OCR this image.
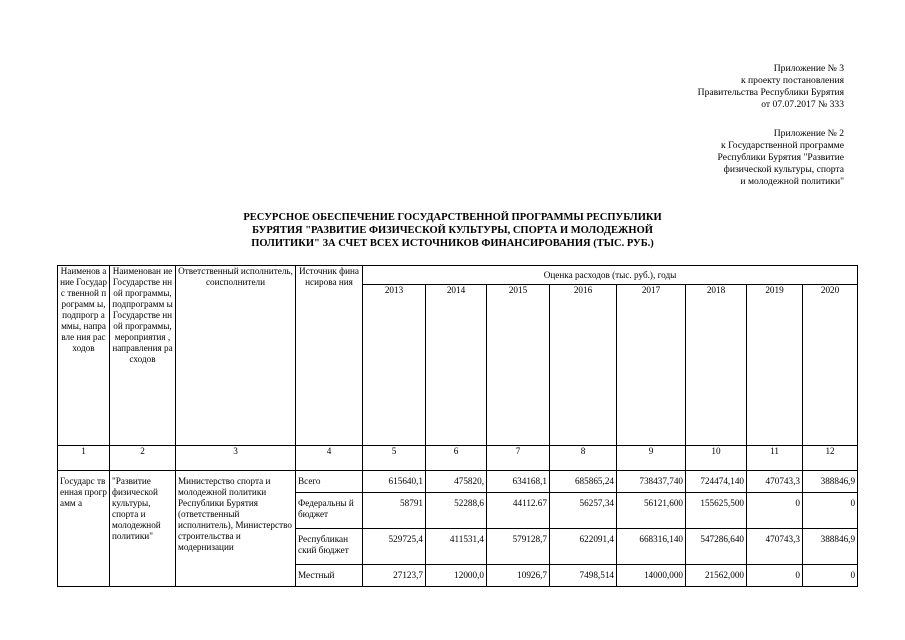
Приложение № 3
к проекту постановления
Правительства Республики Бурятия
от 07.07.2017 № 333
Приложение № 2
к Государственной программе
Республики Бурятия "Развитие
физической культуры, спорта
и молодежной политики"
РЕСУРСНОЕ ОБЕСПЕЧЕНИЕ ГОСУДАРСТВЕННОЙ ПРОГРАММЫ РЕСПУБЛИКИ
БУРЯТИЯ "РАЗВИТИЕ ФИЗИЧЕСКОЙ КУЛЬТУРЫ, СПОРТА И МОЛОДЕЖНОЙ
ПОЛИТИКИ" ЗА СЧЕТ ВСЕХ ИСТОЧНИКОВ ФИНАНСИРОВАНИЯ (ТЫС. РУБ.)
Наименов ание Государс твенной программ ы, подпрогр аммы, направле ния расходов	Наименован ие Государстве нной программы, подпрограмм ы Государстве нной программы, мероприятия , направления расходов	Ответственный исполнитель, соисполнители	Источник финансирова ния	Оценка расходов (тыс. руб.), годы							
				2013	2014	2015	2016	2017	2018	2019	2020
1	2	3	4	5	6	7	8	9	10	11	12
Государс твенная программ а	"Развитие физической культуры, спорта и молодежной политики"	Министерство спорта и молодежной политики Республики Бурятия (ответственный исполнитель), Министерство строительства и модернизации	Всего	615640,1	475820,	634168,1	685865,24	738437,740	724474,140	470743,3	388846,9
			Федеральны й бюджет	58791	52288,6	44112.67	56257,34	56121,600	155625,500	0	0
			Республикан ский бюджет	529725,4	411531,4	579128,7	622091,4	668316,140	547286,640	470743,3	388846,9
			Местный	27123,7	12000,0	10926,7	7498,514	14000,000	21562,000	0	0
